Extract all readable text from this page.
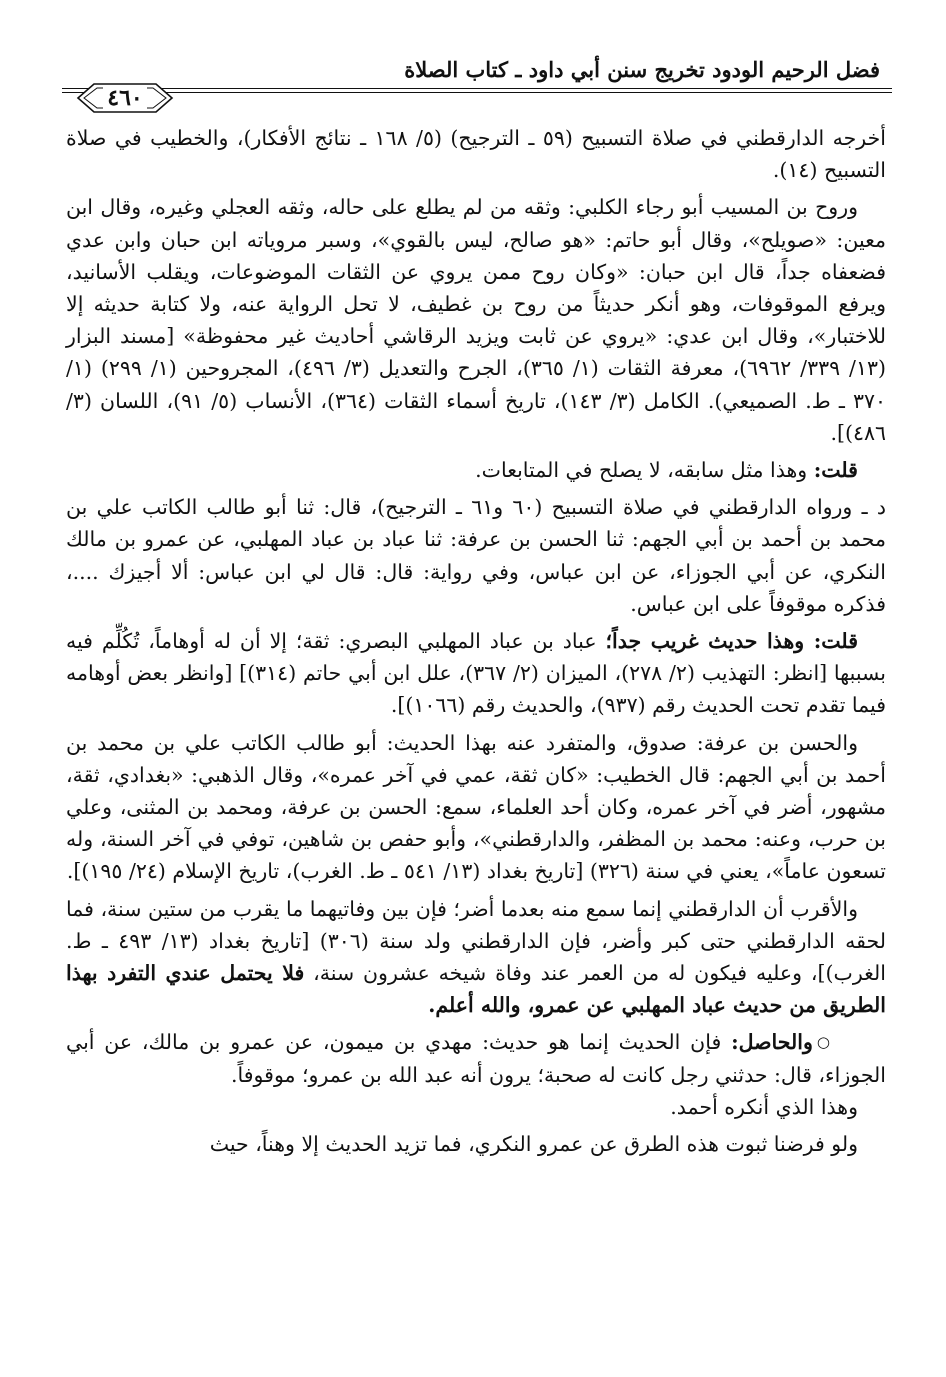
فضل الرحيم الودود تخريج سنن أبي داود ـ كتاب الصلاة
٤٦٠

أخرجه الدارقطني في صلاة التسبيح (٥٩ ـ الترجيح) (٥/ ١٦٨ ـ نتائج الأفكار)، والخطيب في صلاة التسبيح (١٤).

وروح بن المسيب أبو رجاء الكلبي: وثقه من لم يطلع على حاله، وثقه العجلي وغيره، وقال ابن معين: «صويلح»، وقال أبو حاتم: «هو صالح، ليس بالقوي»، وسبر مروياته ابن حبان وابن عدي فضعفاه جداً، قال ابن حبان: «وكان روح ممن يروي عن الثقات الموضوعات، ويقلب الأسانيد، ويرفع الموقوفات، وهو أنكر حديثاً من روح بن غطيف، لا تحل الرواية عنه، ولا كتابة حديثه إلا للاختبار»، وقال ابن عدي: «يروي عن ثابت ويزيد الرقاشي أحاديث غير محفوظة» [مسند البزار (١٣/ ٣٣٩/ ٦٩٦٢)، معرفة الثقات (١/ ٣٦٥)، الجرح والتعديل (٣/ ٤٩٦)، المجروحين (١/ ٢٩٩) (١/ ٣٧٠ ـ ط. الصميعي). الكامل (٣/ ١٤٣)، تاريخ أسماء الثقات (٣٦٤)، الأنساب (٥/ ٩١)، اللسان (٣/ ٤٨٦)].

قلت: وهذا مثل سابقه، لا يصلح في المتابعات.

د ـ ورواه الدارقطني في صلاة التسبيح (٦٠ و٦١ ـ الترجيح)، قال: ثنا أبو طالب الكاتب علي بن محمد بن أحمد بن أبي الجهم: ثنا الحسن بن عرفة: ثنا عباد بن عباد المهلبي، عن عمرو بن مالك النكري، عن أبي الجوزاء، عن ابن عباس، وفي رواية: قال: قال لي ابن عباس: ألا أجيزك ....، فذكره موقوفاً على ابن عباس.

قلت: وهذا حديث غريب جداً؛ عباد بن عباد المهلبي البصري: ثقة؛ إلا أن له أوهاماً، تُكُلِّم فيه بسببها [انظر: التهذيب (٢/ ٢٧٨)، الميزان (٢/ ٣٦٧)، علل ابن أبي حاتم (٣١٤)] [وانظر بعض أوهامه فيما تقدم تحت الحديث رقم (٩٣٧)، والحديث رقم (١٠٦٦)].

والحسن بن عرفة: صدوق، والمتفرد عنه بهذا الحديث: أبو طالب الكاتب علي بن محمد بن أحمد بن أبي الجهم: قال الخطيب: «كان ثقة، عمي في آخر عمره»، وقال الذهبي: «بغدادي، ثقة، مشهور، أضر في آخر عمره، وكان أحد العلماء، سمع: الحسن بن عرفة، ومحمد بن المثنى، وعلي بن حرب، وعنه: محمد بن المظفر، والدارقطني»، وأبو حفص بن شاهين، توفي في آخر السنة، وله تسعون عاماً»، يعني في سنة (٣٢٦) [تاريخ بغداد (١٣/ ٥٤١ ـ ط. الغرب)، تاريخ الإسلام (٢٤/ ١٩٥)].

والأقرب أن الدارقطني إنما سمع منه بعدما أضر؛ فإن بين وفاتيهما ما يقرب من ستين سنة، فما لحقه الدارقطني حتى كبر وأضر، فإن الدارقطني ولد سنة (٣٠٦) [تاريخ بغداد (١٣/ ٤٩٣ ـ ط. الغرب)]، وعليه فيكون له من العمر عند وفاة شيخه عشرون سنة، فلا يحتمل عندي التفرد بهذا الطريق من حديث عباد المهلبي عن عمرو، والله أعلم.

○والحاصل: فإن الحديث إنما هو حديث: مهدي بن ميمون، عن عمرو بن مالك، عن أبي الجوزاء، قال: حدثني رجل كانت له صحبة؛ يرون أنه عبد الله بن عمرو؛ موقوفاً.

وهذا الذي أنكره أحمد.

ولو فرضنا ثبوت هذه الطرق عن عمرو النكري، فما تزيد الحديث إلا وهناً، حيث
